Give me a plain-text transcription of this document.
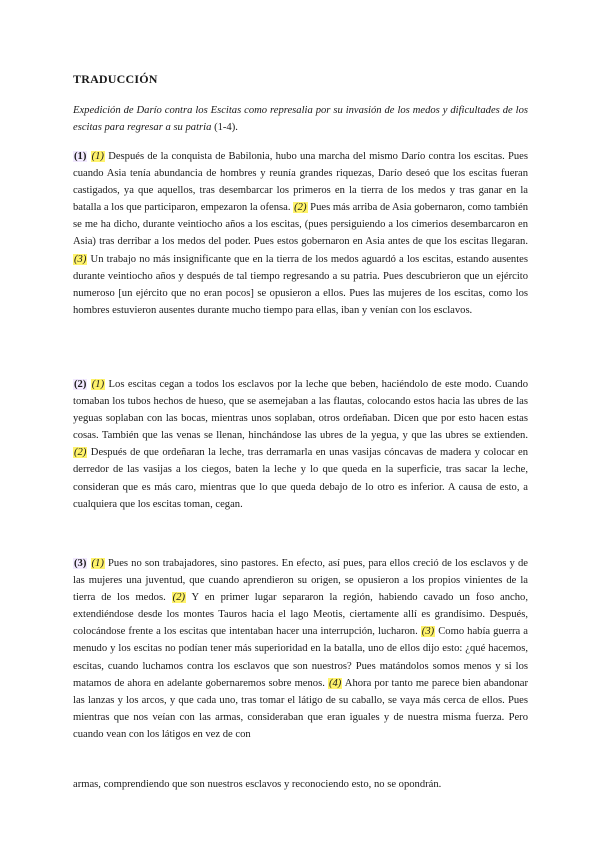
TRADUCCIÓN
Expedición de Darío contra los Escitas como represalia por su invasión de los medos y dificultades de los escitas para regresar a su patria (1-4).
(1) (1) Después de la conquista de Babilonia, hubo una marcha del mismo Darío contra los escitas. Pues cuando Asia tenía abundancia de hombres y reunía grandes riquezas, Darío deseó que los escitas fueran castigados, ya que aquellos, tras desembarcar los primeros en la tierra de los medos y tras ganar en la batalla a los que participaron, empezaron la ofensa. (2) Pues más arriba de Asia gobernaron, como también se me ha dicho, durante veintiocho años a los escitas, (pues persiguiendo a los cimerios desembarcaron en Asia) tras derribar a los medos del poder. Pues estos gobernaron en Asia antes de que los escitas llegaran. (3) Un trabajo no más insignificante que en la tierra de los medos aguardó a los escitas, estando ausentes durante veintiocho años y después de tal tiempo regresando a su patria. Pues descubrieron que un ejército numeroso [un ejército que no eran pocos] se opusieron a ellos. Pues las mujeres de los escitas, como los hombres estuvieron ausentes durante mucho tiempo para ellas, iban y venían con los esclavos.
(2) (1) Los escitas cegan a todos los esclavos por la leche que beben, haciéndolo de este modo. Cuando tomaban los tubos hechos de hueso, que se asemejaban a las flautas, colocando estos hacia las ubres de las yeguas soplaban con las bocas, mientras unos soplaban, otros ordeñaban. Dicen que por esto hacen estas cosas. También que las venas se llenan, hinchándose las ubres de la yegua, y que las ubres se extienden. (2) Después de que ordeñaran la leche, tras derramarla en unas vasijas cóncavas de madera y colocar en derredor de las vasijas a los ciegos, baten la leche y lo que queda en la superficie, tras sacar la leche, consideran que es más caro, mientras que lo que queda debajo de lo otro es inferior. A causa de esto, a cualquiera que los escitas toman, cegan.
(3) (1) Pues no son trabajadores, sino pastores. En efecto, así pues, para ellos creció de los esclavos y de las mujeres una juventud, que cuando aprendieron su origen, se opusieron a los propios vinientes de la tierra de los medos. (2) Y en primer lugar separaron la región, habiendo cavado un foso ancho, extendiéndose desde los montes Tauros hacia el lago Meotis, ciertamente allí es grandísimo. Después, colocándose frente a los escitas que intentaban hacer una interrupción, lucharon. (3) Como había guerra a menudo y los escitas no podían tener más superioridad en la batalla, uno de ellos dijo esto: ¿qué hacemos, escitas, cuando luchamos contra los esclavos que son nuestros? Pues matándolos somos menos y si los matamos de ahora en adelante gobernaremos sobre menos. (4) Ahora por tanto me parece bien abandonar las lanzas y los arcos, y que cada uno, tras tomar el látigo de su caballo, se vaya más cerca de ellos. Pues mientras que nos veían con las armas, consideraban que eran iguales y de nuestra misma fuerza. Pero cuando vean con los látigos en vez de con
armas, comprendiendo que son nuestros esclavos y reconociendo esto, no se opondrán.
